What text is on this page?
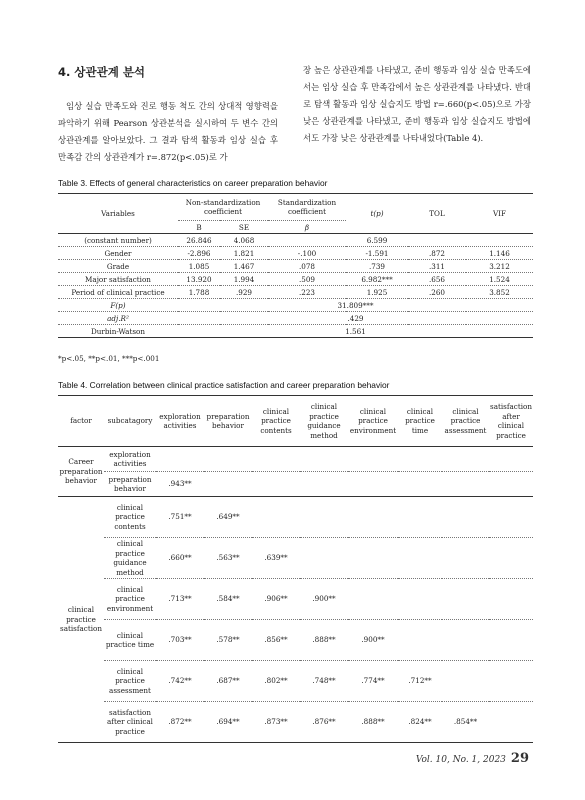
4. 상관관계 분석

임상 실습 만족도와 진로 행동 척도 간의 상대적 영향력을 파악하기 위해 Pearson 상관분석을 실시하여 두 변수 간의 상관관계를 알아보았다. 그 결과 탐색 활동과 임상 실습 후 만족감 간의 상관관계가 r=.872(p<.05)로 가

장 높은 상관관계를 나타냈고, 준비 행동과 임상 실습 만족도에서는 임상 실습 후 만족감에서 높은 상관관계를 나타냈다. 반대로 탐색 활동과 임상 실습지도 방법 r=.660(p<.05)으로 가장 낮은 상관관계를 나타냈고, 준비 행동과 임상 실습지도 방법에서도 가장 낮은 상관관계를 나타내었다(Table 4).

Table 3. Effects of general characteristics on career preparation behavior
Variables	Non-standardization coefficient		Standardization coefficient	t(p)	TOL	VIF
	B	SE	β			
(constant number)	26.846	4.068		6.599		
Gender	-2.896	1.821	-.100	-1.591	.872	1.146
Grade	1.085	1.467	.078	.739	.311	3.212
Major satisfaction	13.920	1.994	.509	6.982***	.656	1.524
Period of clinical practice	1.788	.929	.223	1.925	.260	3.852
F(p)	31.809***					
adj.R²	.429					
Durbin-Watson	1.561					
*p<.05, **p<.01, ***p<.001
Table 4. Correlation between clinical practice satisfaction and career preparation behavior
factor	subcatagory	exploration activities	preparation behavior	clinical practice contents	clinical practice guidance method	clinical practice environment	clinical practice time	clinical practice assessment	satisfaction after clinical practice
Career preparation behavior	exploration activities								
	preparation behavior	.943**							
clinical practice satisfaction	clinical practice contents	.751**	.649**						
	clinical practice guidance method	.660**	.563**	.639**					
	clinical practice environment	.713**	.584**	.906**	.900**				
	clinical practice time	.703**	.578**	.856**	.888**	.900**			
	clinical practice assessment	.742**	.687**	.802**	.748**	.774**	.712**		
	satisfaction after clinical practice	.872**	.694**	.873**	.876**	.888**	.824**	.854**	
Vol. 10, No. 1, 2023 29
